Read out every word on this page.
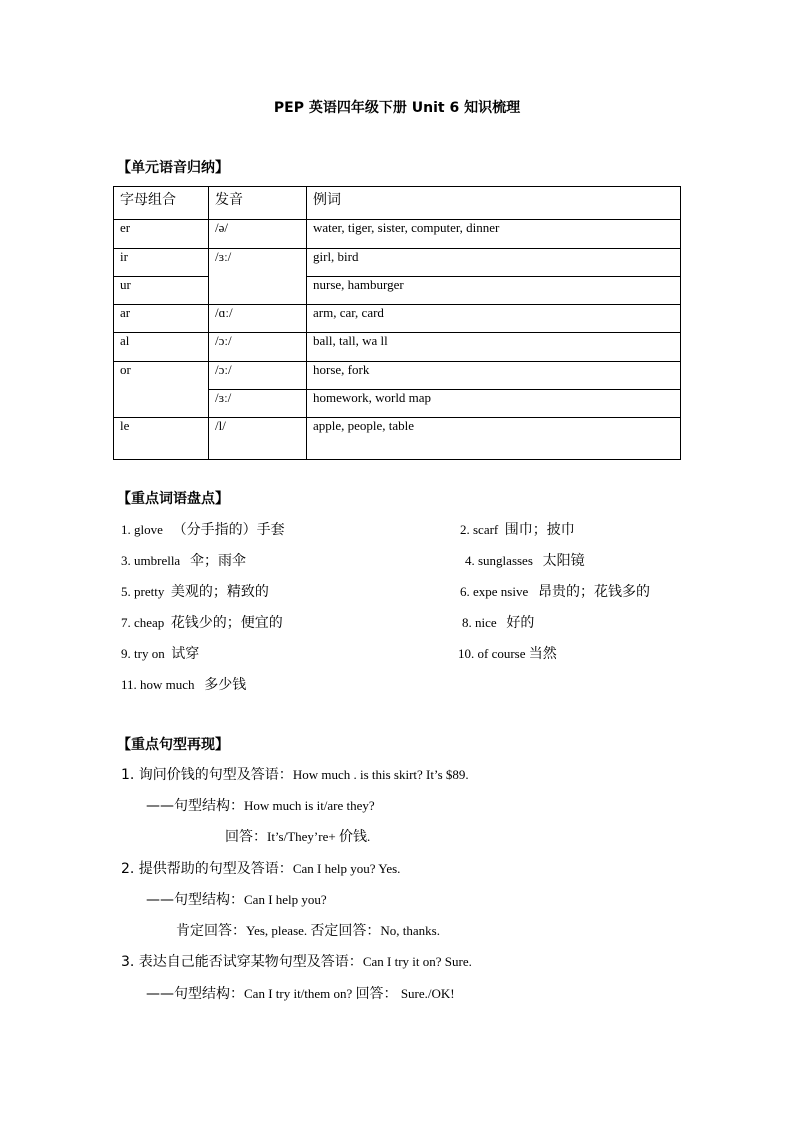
PEP 英语四年级下册 Unit 6 知识梳理
【单元语音归纳】
字母组合	发音	例词
er	/ə/	water, tiger, sister, computer, dinner
ir	/ɜː/	girl, bird
ur		nurse, hamburger
ar	/ɑː/	arm, car, card
al	/ɔː/	ball, tall, wa ll
or	/ɔː/	horse, fork
	/ɜː/	homework, world map
le	/l/	apple, people, table
【重点词语盘点】
1. glove （分手指的）手套	2. scarf 围巾；披巾
3. umbrella 伞；雨伞	4. sunglasses 太阳镜
5. pretty 美观的；精致的	6. expe nsive 昂贵的；花钱多的
7. cheap 花钱少的；便宜的	8. nice 好的
9. try on 试穿	10. of course 当然
11. how much 多少钱
【重点句型再现】
1. 询问价钱的句型及答语：How much . is this skirt? It’s $89.
——句型结构：How much is it/are they?
回答：It’s/They’re+ 价钱.
2. 提供帮助的句型及答语：Can I help you? Yes.
——句型结构：Can I help you?
肯定回答：Yes, please. 否定回答：No, thanks.
3. 表达自己能否试穿某物句型及答语：Can I try it on? Sure.
——句型结构：Can I try it/them on? 回答： Sure./OK!
